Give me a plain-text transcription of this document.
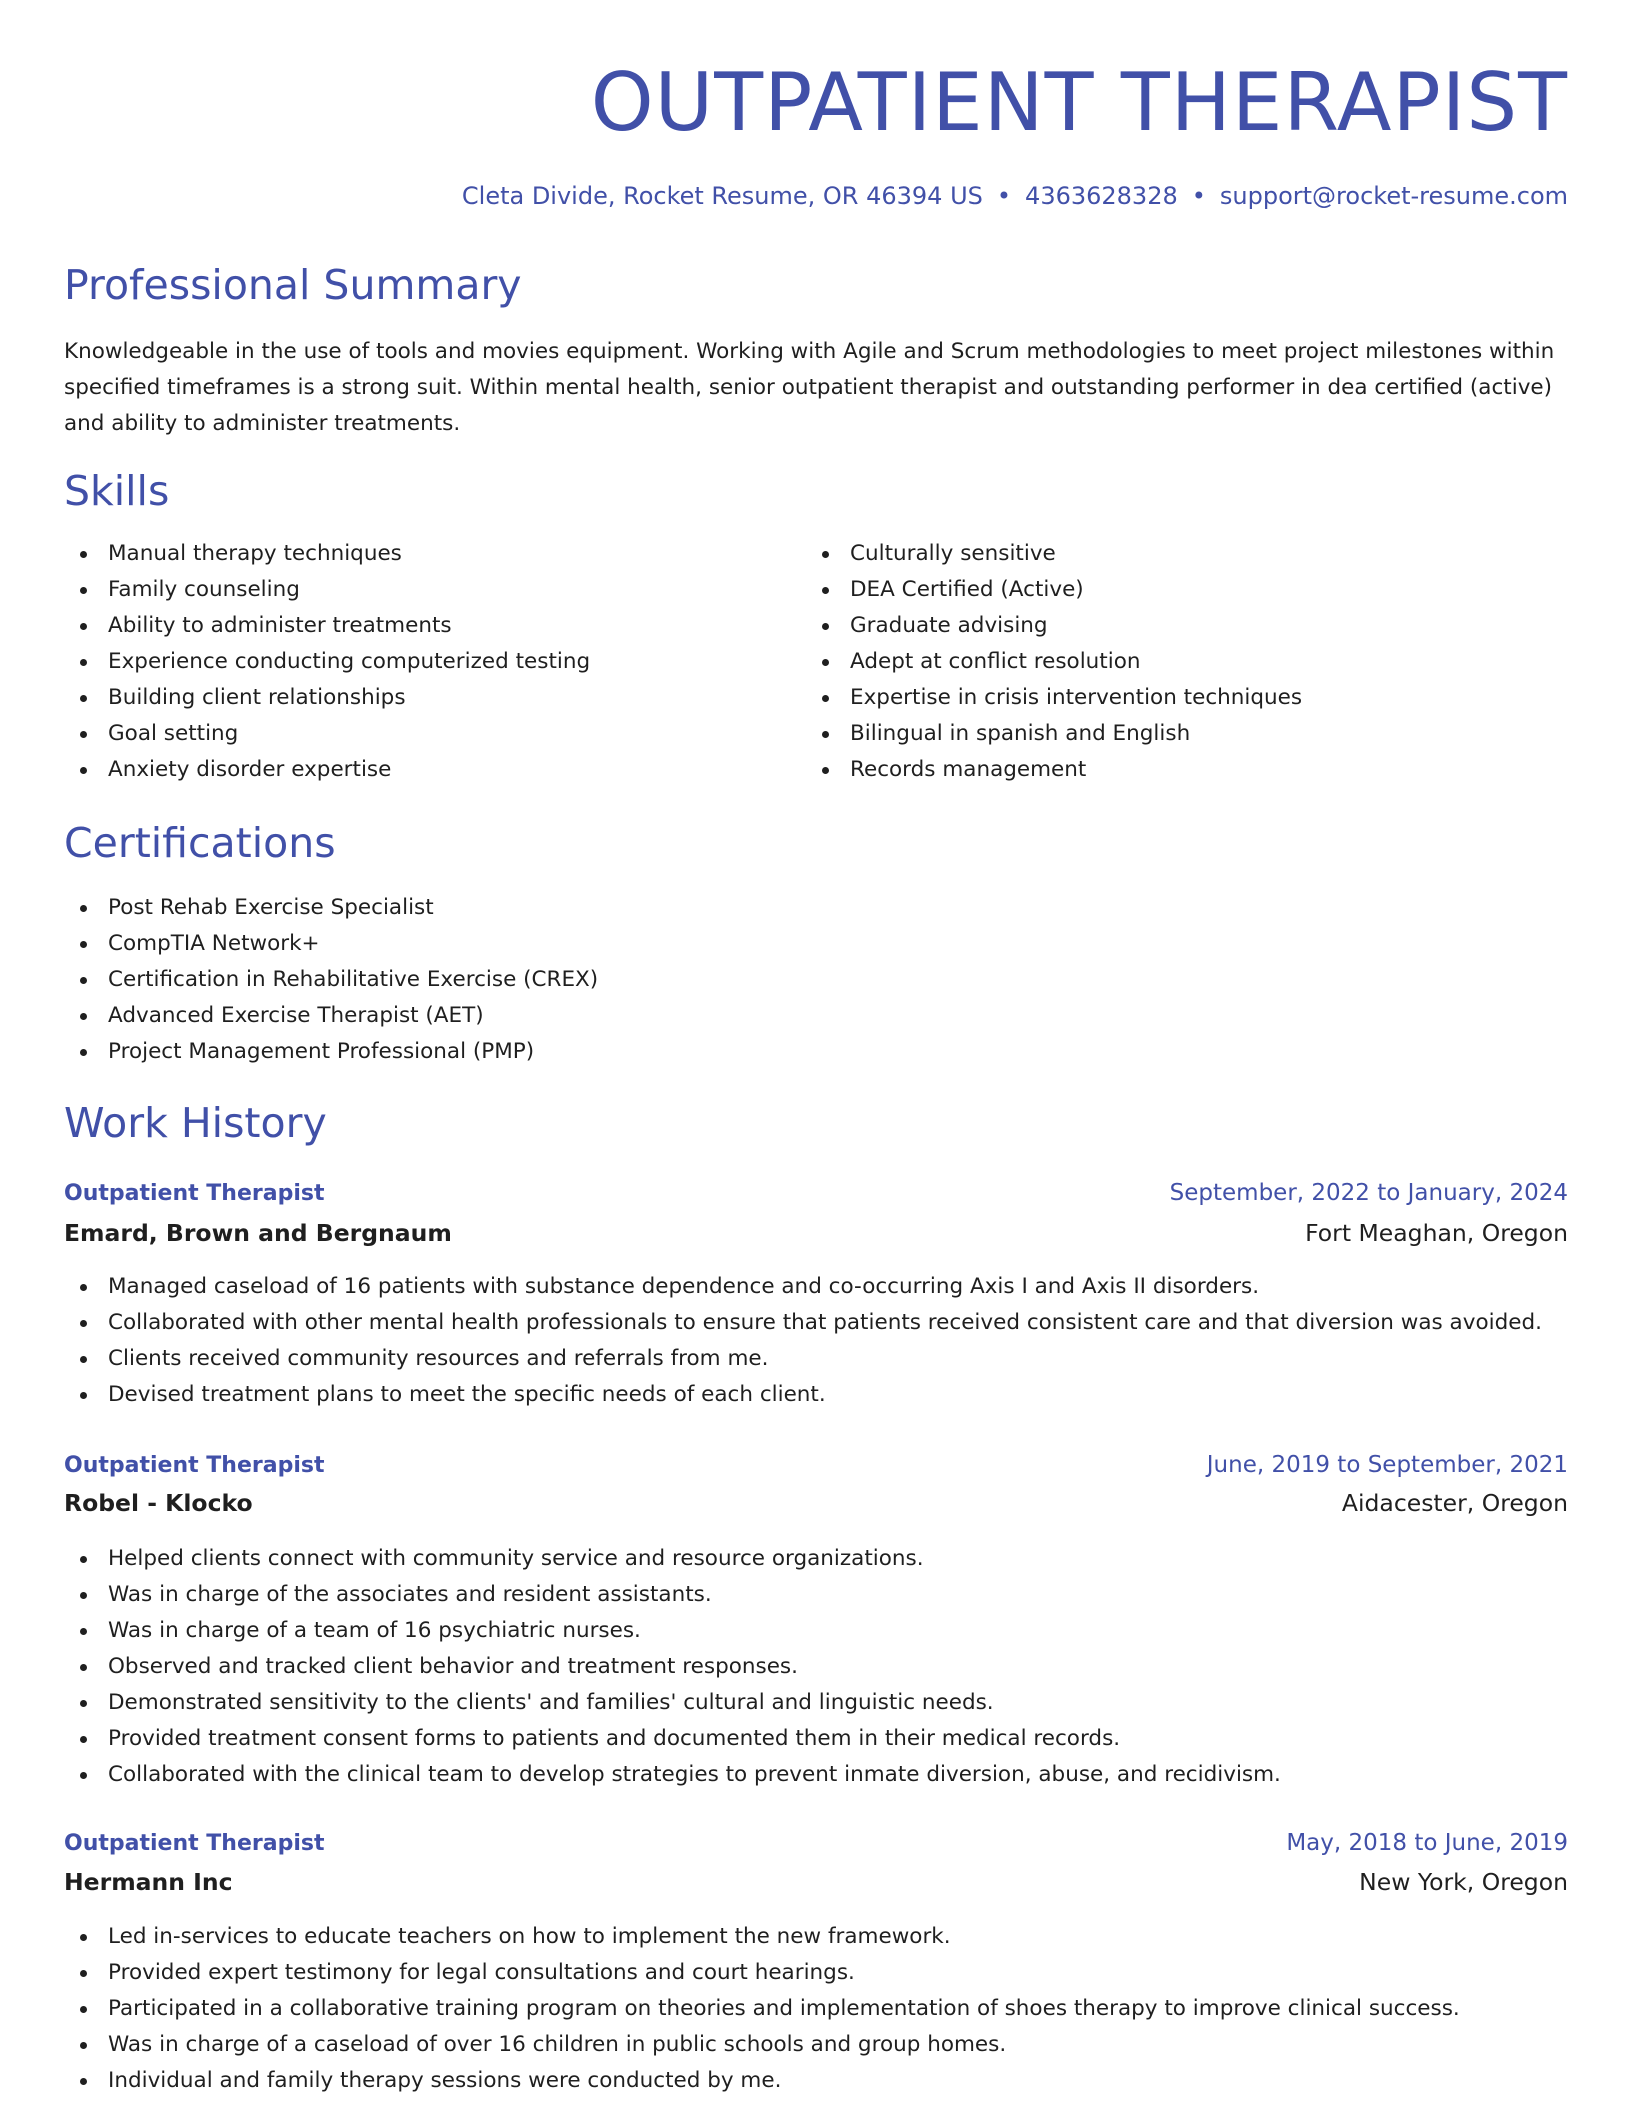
OUTPATIENT THERAPIST
Cleta Divide, Rocket Resume, OR 46394 US • 4363628328 • support@rocket-resume.com
Professional Summary

Knowledgeable in the use of tools and movies equipment. Working with Agile and Scrum methodologies to meet project milestones within specified timeframes is a strong suit. Within mental health, senior outpatient therapist and outstanding performer in dea certified (active) and ability to administer treatments.

Skills
Manual therapy techniques
Family counseling
Ability to administer treatments
Experience conducting computerized testing
Building client relationships
Goal setting
Anxiety disorder expertise
Culturally sensitive
DEA Certified (Active)
Graduate advising
Adept at conflict resolution
Expertise in crisis intervention techniques
Bilingual in spanish and English
Records management
Certifications
Post Rehab Exercise Specialist
CompTIA Network+
Certification in Rehabilitative Exercise (CREX)
Advanced Exercise Therapist (AET)
Project Management Professional (PMP)
Work History
Outpatient Therapist	September, 2022 to January, 2024
Emard, Brown and Bergnaum	Fort Meaghan, Oregon
Managed caseload of 16 patients with substance dependence and co-occurring Axis I and Axis II disorders.
Collaborated with other mental health professionals to ensure that patients received consistent care and that diversion was avoided.
Clients received community resources and referrals from me.
Devised treatment plans to meet the specific needs of each client.
Outpatient Therapist	June, 2019 to September, 2021
Robel - Klocko	Aidacester, Oregon
Helped clients connect with community service and resource organizations.
Was in charge of the associates and resident assistants.
Was in charge of a team of 16 psychiatric nurses.
Observed and tracked client behavior and treatment responses.
Demonstrated sensitivity to the clients' and families' cultural and linguistic needs.
Provided treatment consent forms to patients and documented them in their medical records.
Collaborated with the clinical team to develop strategies to prevent inmate diversion, abuse, and recidivism.
Outpatient Therapist	May, 2018 to June, 2019
Hermann Inc	New York, Oregon
Led in-services to educate teachers on how to implement the new framework.
Provided expert testimony for legal consultations and court hearings.
Participated in a collaborative training program on theories and implementation of shoes therapy to improve clinical success.
Was in charge of a caseload of over 16 children in public schools and group homes.
Individual and family therapy sessions were conducted by me.
